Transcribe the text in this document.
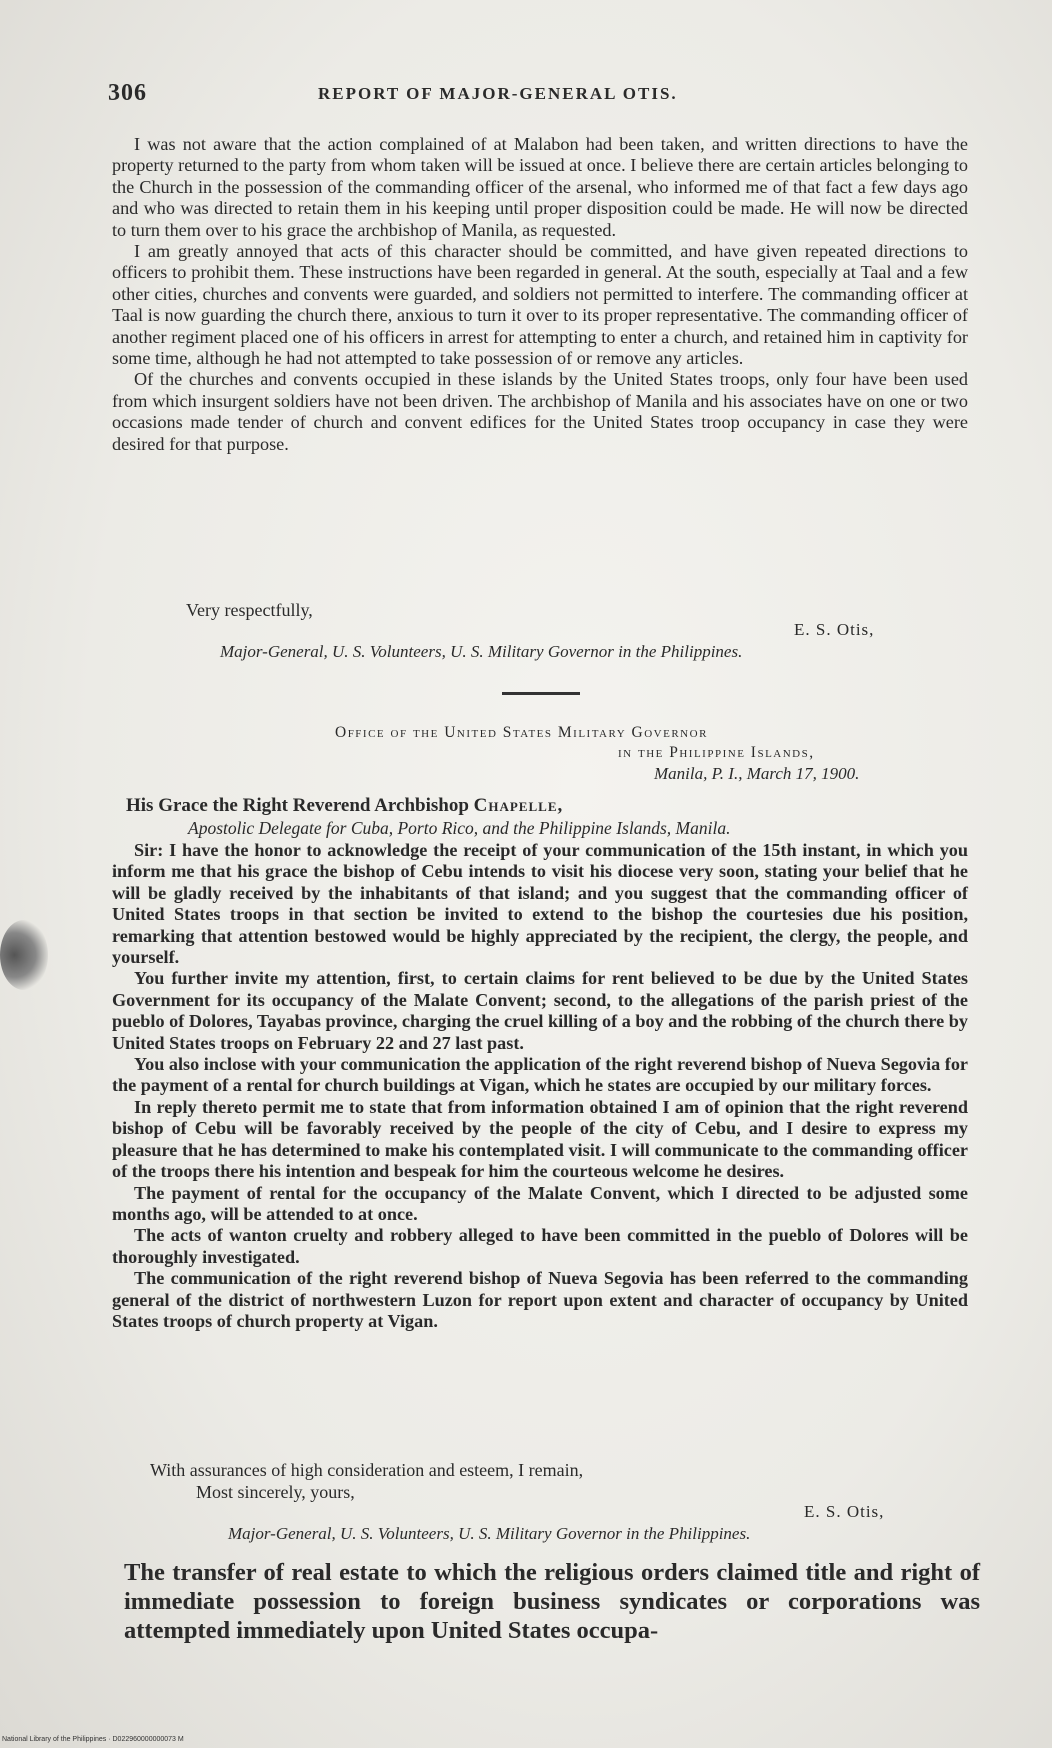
306	REPORT OF MAJOR-GENERAL OTIS.

I was not aware that the action complained of at Malabon had been taken, and written directions to have the property returned to the party from whom taken will be issued at once. I believe there are certain articles belonging to the Church in the possession of the commanding officer of the arsenal, who informed me of that fact a few days ago and who was directed to retain them in his keeping until proper disposition could be made. He will now be directed to turn them over to his grace the archbishop of Manila, as requested.

I am greatly annoyed that acts of this character should be committed, and have given repeated directions to officers to prohibit them. These instructions have been regarded in general. At the south, especially at Taal and a few other cities, churches and convents were guarded, and soldiers not permitted to interfere. The commanding officer at Taal is now guarding the church there, anxious to turn it over to its proper representative. The commanding officer of another regiment placed one of his officers in arrest for attempting to enter a church, and retained him in captivity for some time, although he had not attempted to take possession of or remove any articles.

Of the churches and convents occupied in these islands by the United States troops, only four have been used from which insurgent soldiers have not been driven. The archbishop of Manila and his associates have on one or two occasions made tender of church and convent edifices for the United States troop occupancy in case they were desired for that purpose.

Very respectfully,
E. S. Otis,
Major-General, U. S. Volunteers, U. S. Military Governor in the Philippines.
Office of the United States Military Governor
in the Philippine Islands,
Manila, P. I., March 17, 1900.
His Grace the Right Reverend Archbishop Chapelle,
Apostolic Delegate for Cuba, Porto Rico, and the Philippine Islands, Manila.

Sir: I have the honor to acknowledge the receipt of your communication of the 15th instant, in which you inform me that his grace the bishop of Cebu intends to visit his diocese very soon, stating your belief that he will be gladly received by the inhabitants of that island; and you suggest that the commanding officer of United States troops in that section be invited to extend to the bishop the courtesies due his position, remarking that attention bestowed would be highly appreciated by the recipient, the clergy, the people, and yourself.

You further invite my attention, first, to certain claims for rent believed to be due by the United States Government for its occupancy of the Malate Convent; second, to the allegations of the parish priest of the pueblo of Dolores, Tayabas province, charging the cruel killing of a boy and the robbing of the church there by United States troops on February 22 and 27 last past.

You also inclose with your communication the application of the right reverend bishop of Nueva Segovia for the payment of a rental for church buildings at Vigan, which he states are occupied by our military forces.

In reply thereto permit me to state that from information obtained I am of opinion that the right reverend bishop of Cebu will be favorably received by the people of the city of Cebu, and I desire to express my pleasure that he has determined to make his contemplated visit. I will communicate to the commanding officer of the troops there his intention and bespeak for him the courteous welcome he desires.

The payment of rental for the occupancy of the Malate Convent, which I directed to be adjusted some months ago, will be attended to at once.

The acts of wanton cruelty and robbery alleged to have been committed in the pueblo of Dolores will be thoroughly investigated.

The communication of the right reverend bishop of Nueva Segovia has been referred to the commanding general of the district of northwestern Luzon for report upon extent and character of occupancy by United States troops of church property at Vigan.

With assurances of high consideration and esteem, I remain,
Most sincerely, yours,
E. S. Otis,
Major-General, U. S. Volunteers, U. S. Military Governor in the Philippines.
The transfer of real estate to which the religious orders claimed title and right of immediate possession to foreign business syndicates or corporations was attempted immediately upon United States occupa-
National Library of the Philippines · D022960000000073 M
